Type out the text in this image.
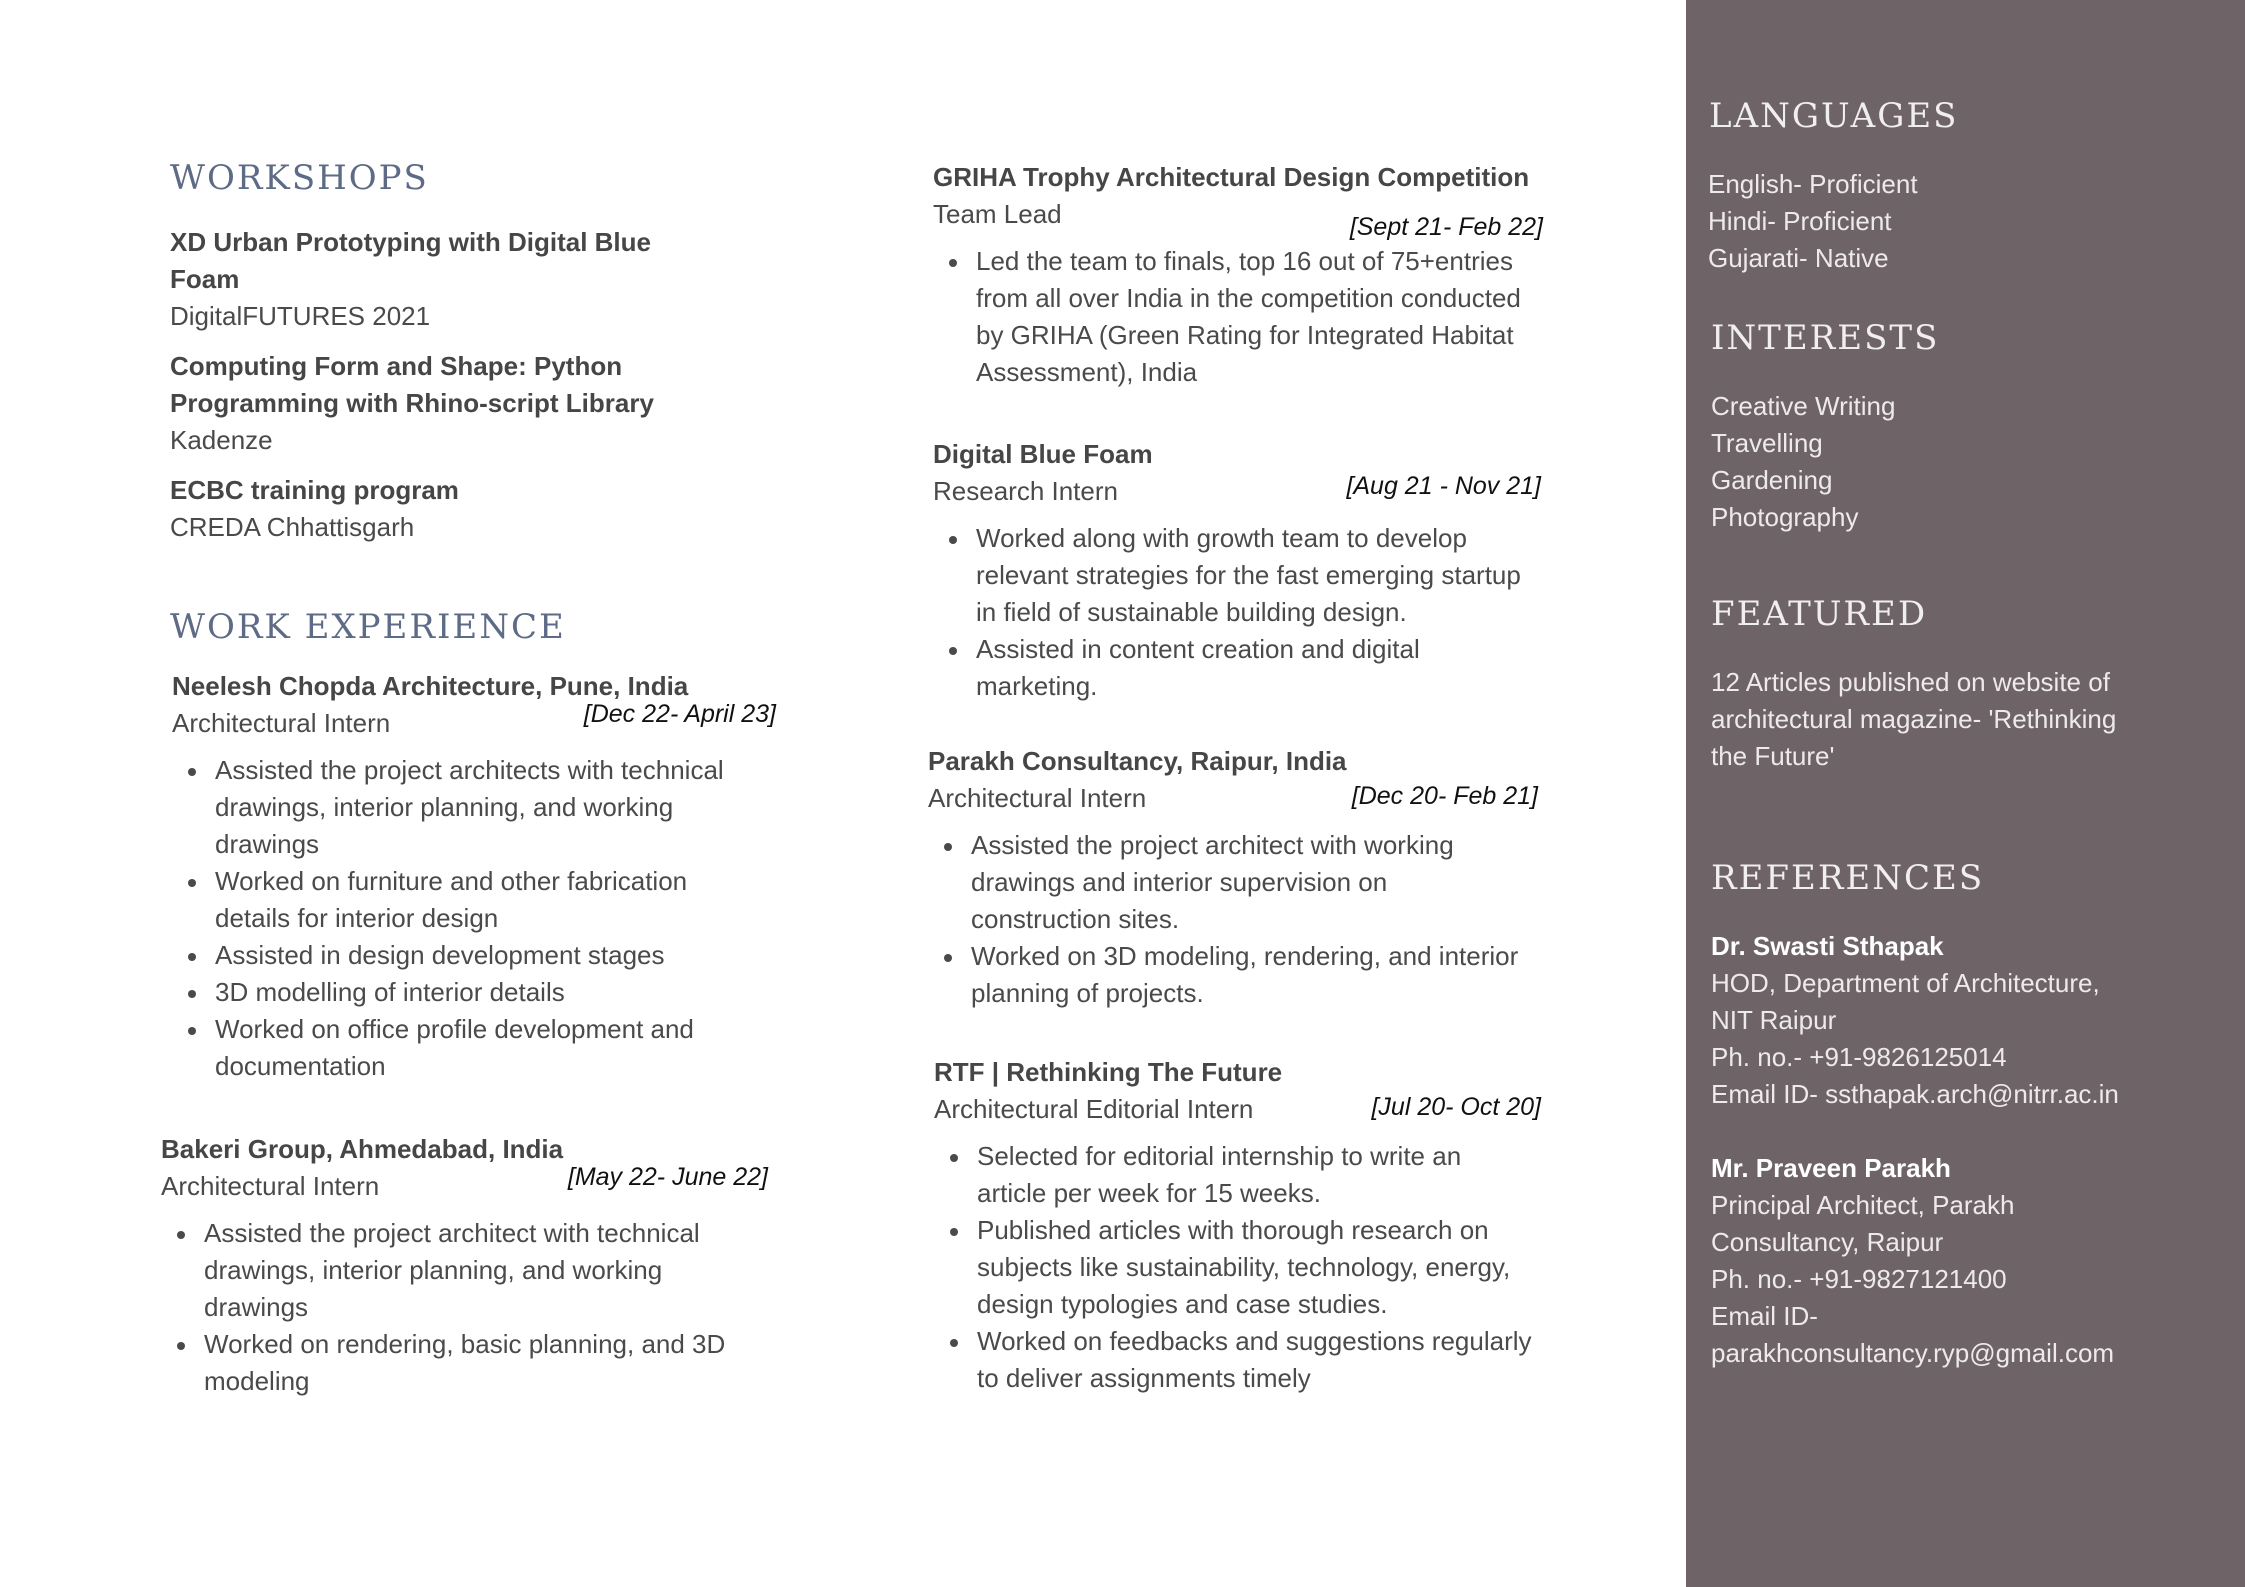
WORKSHOPS
XD Urban Prototyping with Digital Blue
Foam
DigitalFUTURES 2021
Computing Form and Shape: Python
Programming with Rhino-script Library
Kadenze
ECBC training program
CREDA Chhattisgarh
WORK EXPERIENCE
Neelesh Chopda Architecture, Pune, India
Architectural Intern	[Dec 22- April 23]
Assisted the project architects with technical
drawings, interior planning, and working
drawings
Worked on furniture and other fabrication
details for interior design
Assisted in design development stages
3D modelling of interior details
Worked on office profile development and
documentation
Bakeri Group, Ahmedabad, India
Architectural Intern	[May 22- June 22]
Assisted the project architect with technical
drawings, interior planning, and working
drawings
Worked on rendering, basic planning, and 3D
modeling
GRIHA Trophy Architectural Design Competition
Team Lead	[Sept 21- Feb 22]
Led the team to finals, top 16 out of 75+entries
from all over India in the competition conducted
by GRIHA (Green Rating for Integrated Habitat
Assessment), India
Digital Blue Foam
Research Intern	[Aug 21 - Nov 21]
Worked along with growth team to develop
relevant strategies for the fast emerging startup
in field of sustainable building design.
Assisted in content creation and digital
marketing.
Parakh Consultancy, Raipur, India
Architectural Intern	[Dec 20- Feb 21]
Assisted the project architect with working
drawings and interior supervision on
construction sites.
Worked on 3D modeling, rendering, and interior
planning of projects.
RTF | Rethinking The Future
Architectural Editorial Intern	[Jul 20- Oct 20]
Selected for editorial internship to write an
article per week for 15 weeks.
Published articles with thorough research on
subjects like sustainability, technology, energy,
design typologies and case studies.
Worked on feedbacks and suggestions regularly
to deliver assignments timely
LANGUAGES
English- Proficient
Hindi- Proficient
Gujarati- Native
INTERESTS
Creative Writing
Travelling
Gardening
Photography
FEATURED
12 Articles published on website of
architectural magazine- 'Rethinking
the Future'
REFERENCES
Dr. Swasti Sthapak
HOD, Department of Architecture,
NIT Raipur
Ph. no.- +91-9826125014
Email ID- ssthapak.arch@nitrr.ac.in
Mr. Praveen Parakh
Principal Architect, Parakh
Consultancy, Raipur
Ph. no.- +91-9827121400
Email ID-
parakhconsultancy.ryp@gmail.com
